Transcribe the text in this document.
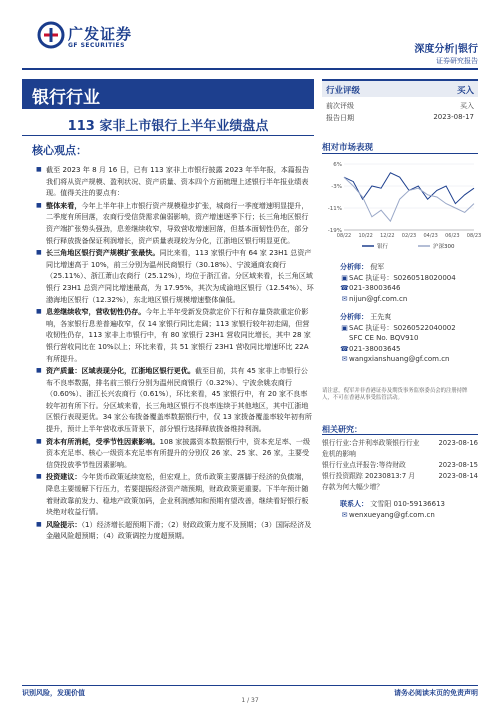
广发证券
GF SECURITIES	深度分析|银行
证券研究报告
银行行业
113 家非上市银行上半年业绩盘点
核心观点：

■ 截至 2023 年 8 月 16 日，已有 113 家非上市银行披露 2023 年半年报，本篇报告我们将从资产规模、盈利状况、资产质量、资本四个方面梳理上述银行半年报业绩表现。值得关注的要点有：

■ 整体来看，今年上半年非上市银行资产规模稳步扩张，城商行一季度增速明显提升，二季度有所回落，农商行受信贷需求偏弱影响，资产增速逐季下行；长三角地区银行资产端扩张势头强劲，息差继续收窄，导致营收增速回落，但基本面韧性仍在，部分银行释放拨备保证利润增长，资产质量表现较为分化，江浙地区银行明显更优。

■ 长三角地区银行资产规模扩张最快。同比来看，113 家银行中有 64 家 23H1 总资产同比增速高于 10%，前三分别为温州民商银行（30.18%）、宁波通商农商行（25.11%）、浙江萧山农商行（25.12%），均位于浙江省。分区域来看，长三角区域银行 23H1 总资产同比增速最高，为 17.95%，其次为成渝地区银行（12.54%）、环渤海地区银行（12.32%），东北地区银行规模增速整体偏低。

■ 息差继续收窄，营收韧性仍存。今年上半年受新发贷款定价下行和存量贷款重定价影响，各家银行息差普遍收窄，仅 14 家银行同比走阔；113 家银行较年初走阔，但营收韧性仍存，113 家非上市银行中，有 80 家银行 23H1 营收同比增长，其中 28 家银行营收同比在 10%以上；环比来看，共 51 家银行 23H1 营收同比增速环比 22A 有所提升。

■ 资产质量：区域表现分化，江浙地区银行更优。截至目前，共有 45 家非上市银行公布不良率数据，排名前三银行分别为温州民商银行（0.32%）、宁波余姚农商行（0.60%）、浙江长兴农商行（0.61%），环比来看，45 家银行中，有 20 家不良率较年初有所下行。分区域来看，长三角地区银行不良率连续于其他地区，其中江浙地区银行表现更优。34 家公布拨备覆盖率数据银行中，仅 13 家拨备覆盖率较年初有所提升，预计上半年营收承压背景下，部分银行选择释放拨备维持利润。

■ 资本有所消耗，受季节性因素影响。108 家披露资本数据银行中，资本充足率、一级资本充足率、核心一级资本充足率有所提升的分别仅 26 家、25 家、26 家，主要受信贷投放季节性因素影响。

■ 投资建议：今年货币政策延续宽松，但宏观上，货币政策主要落脚于经济的负债端，降息主要缓解下行压力，若要提振经济资产端预期，财政政策更重要。下半年预计随着财政靠前发力、稳地产政策加码，企业利润感知和预期有望改善，继续看好银行板块绝对收益行情。

■ 风险提示：（1）经济增长超预期下滑；（2）财政政策力度不及预期；（3）国际经济及金融风险超预期；（4）政策调控力度超预期。

行业评级	买入
前次评级	买入
报告日期	2023-08-17
相对市场表现
6%
-3%
-11%
-19%
08/22 10/22 12/22 02/23 04/23 06/23 08/23
银行	沪深300
分析师： 倪军
▣SAC 执证号：S0260518020004
☎021-38003646
✉ nijun@gf.com.cn
分析师： 王先爽
▣SAC 执证号：S0260522040002
SFC CE No. BQV910
☎021-38003645
✉ wangxianshuang@gf.com.cn
请注意，倪军并非香港证券及期货事务监察委员会的注册持牌人，不可在香港从事受监管活动。
相关研究：
银行行业:合并利率政策银行行业	2023-08-16
危机的影响
银行行业点评报告:等待财政	2023-08-15
银行投资跟踪 20230813:7 月	2023-08-14
存款为何大幅少增？
联系人： 文雪阳 010-59136613
✉ wenxueyang@gf.com.cn
识别风险，发现价值	请务必阅读末页的免责声明
1 / 37
